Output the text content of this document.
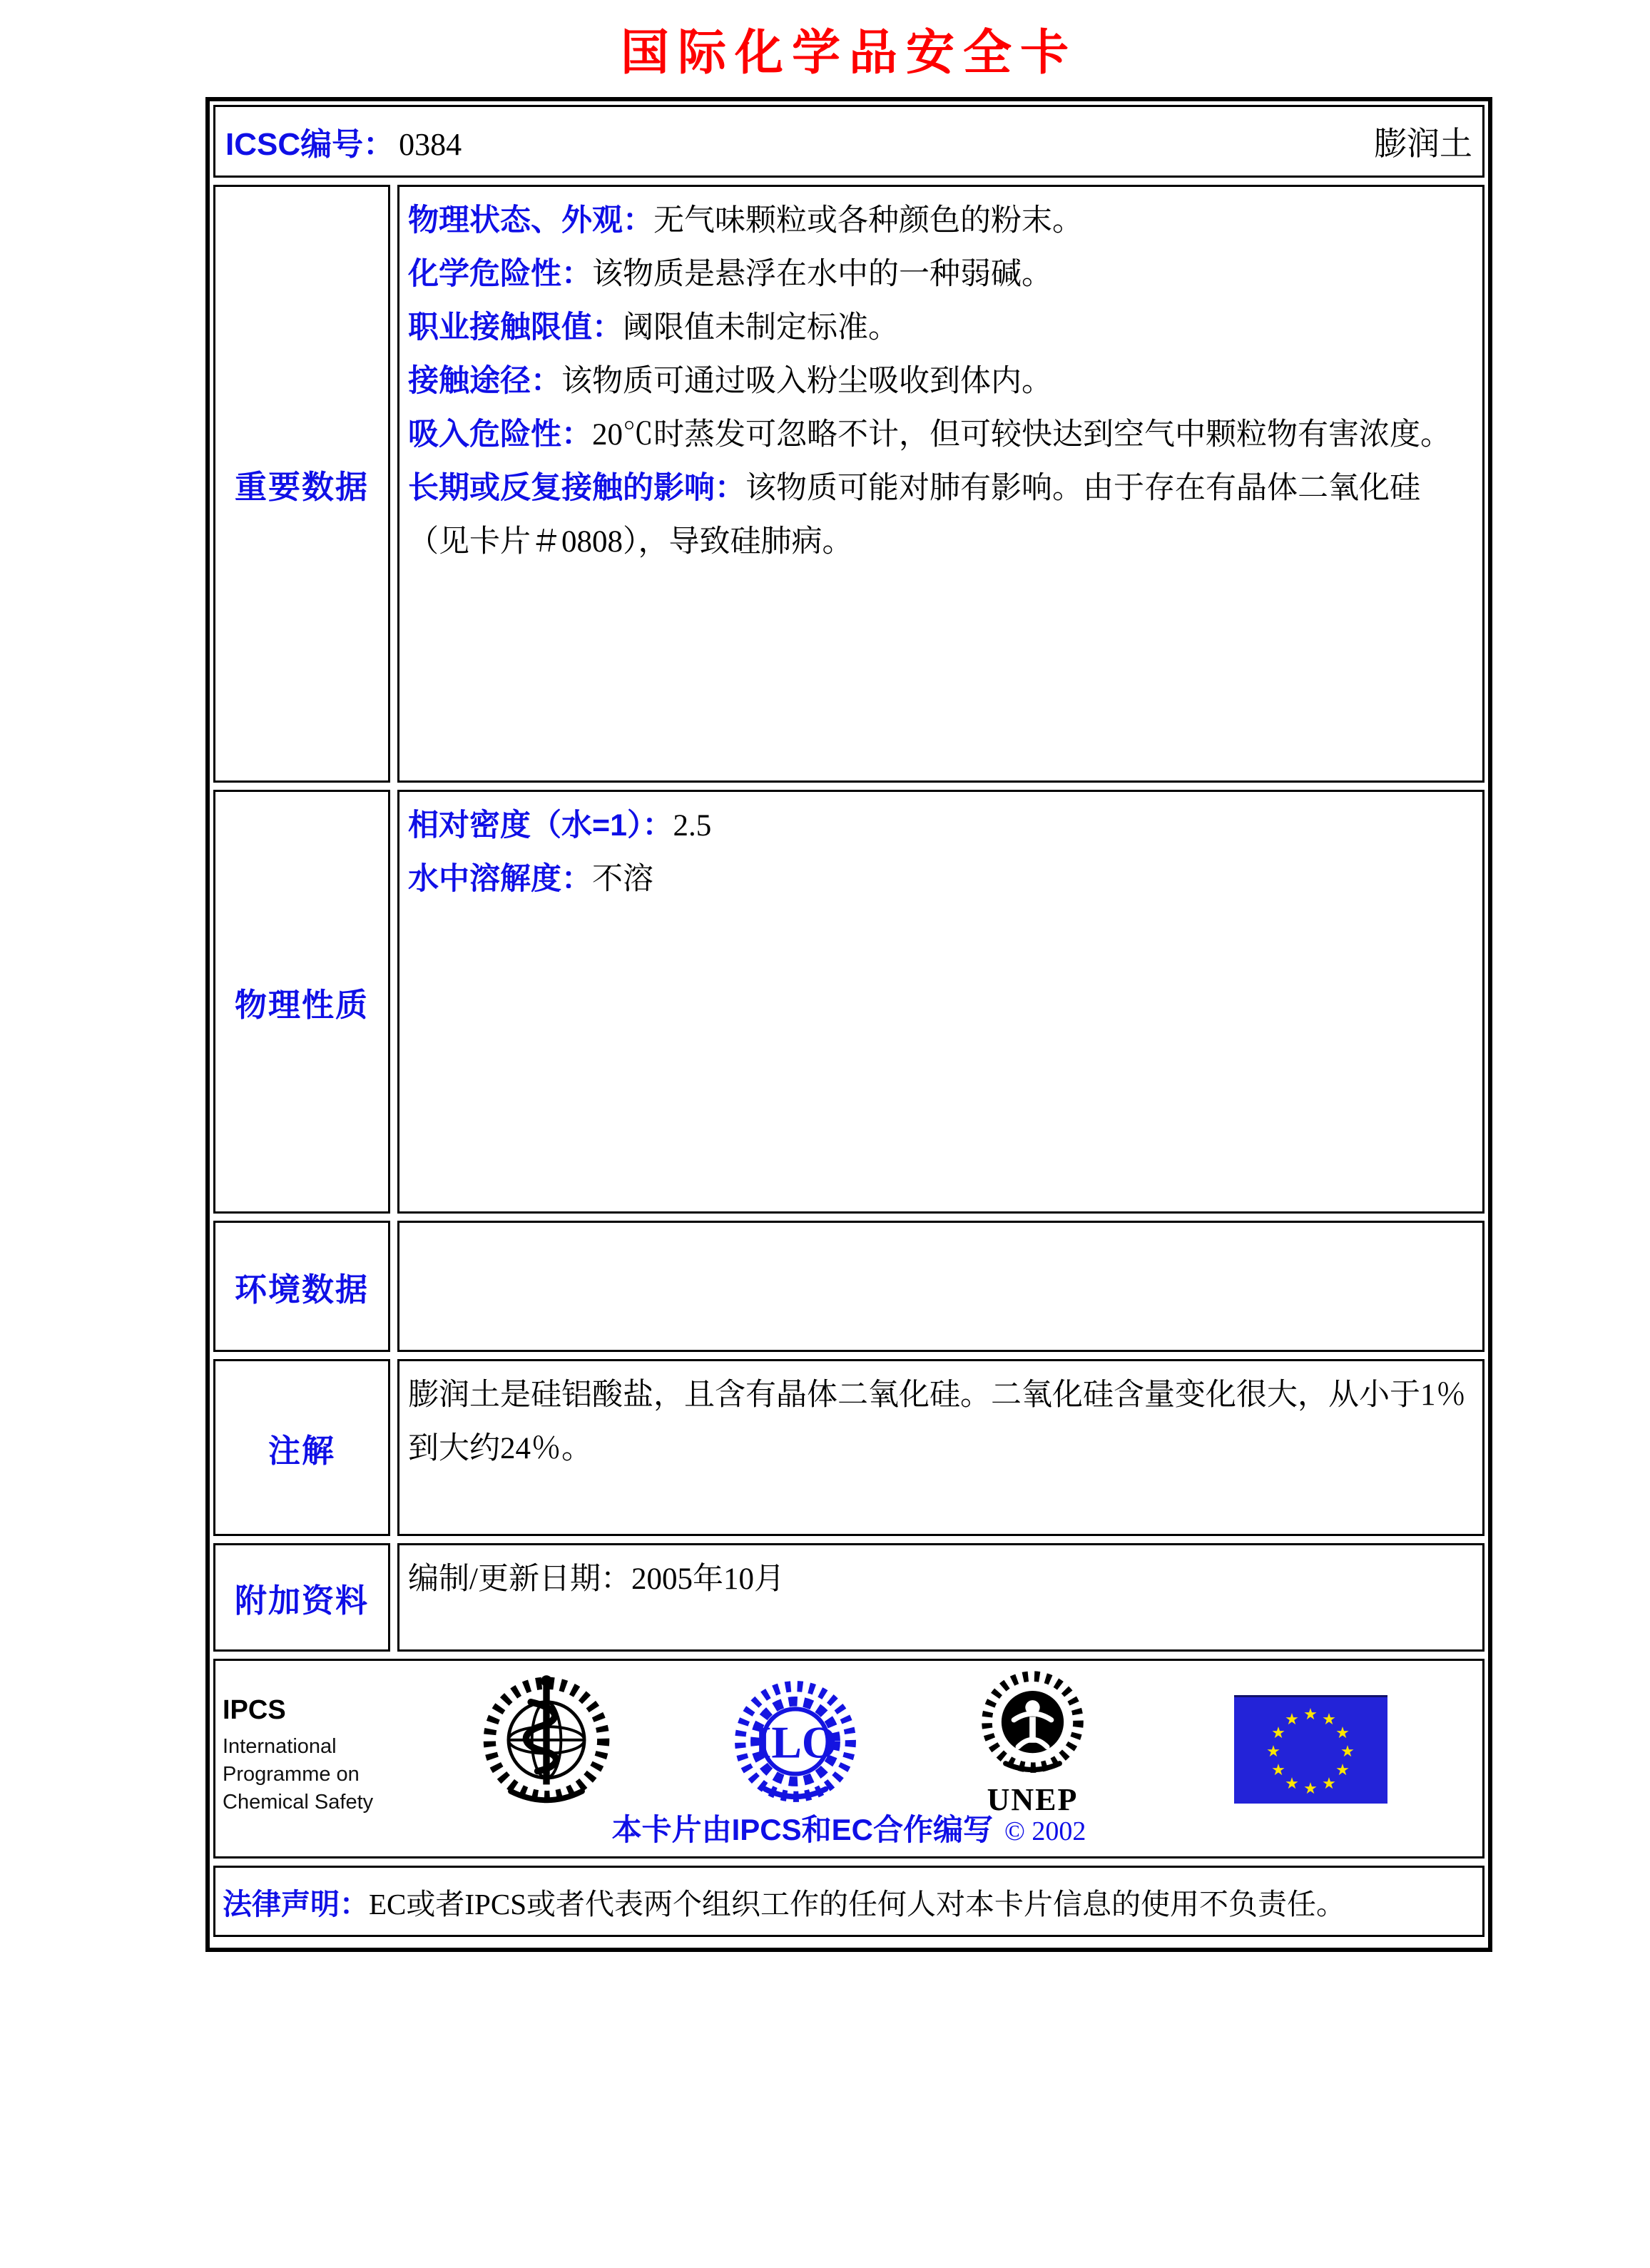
国际化学品安全卡
ICSC编号： 0384	膨润土
重要数据

物理状态、外观：无气味颗粒或各种颜色的粉末。

化学危险性：该物质是悬浮在水中的一种弱碱。

职业接触限值：阈限值未制定标准。

接触途径：该物质可通过吸入粉尘吸收到体内。

吸入危险性：20℃时蒸发可忽略不计，但可较快达到空气中颗粒物有害浓度。

长期或反复接触的影响：该物质可能对肺有影响。由于存在有晶体二氧化硅（见卡片＃0808），导致硅肺病。

物理性质

相对密度（水=1）：2.5

水中溶解度：不溶

环境数据
注解

膨润土是硅铝酸盐，且含有晶体二氧化硅。二氧化硅含量变化很大，从小于1％到大约24％。

附加资料

编制/更新日期：2005年10月

IPCS

International
Programme on
Chemical Safety
ILO
UNEP
★ ★
★
★
★
★
★
★
★
★
★
★
本卡片由IPCS和EC合作编写 © 2002
法律声明： EC或者IPCS或者代表两个组织工作的任何人对本卡片信息的使用不负责任。
